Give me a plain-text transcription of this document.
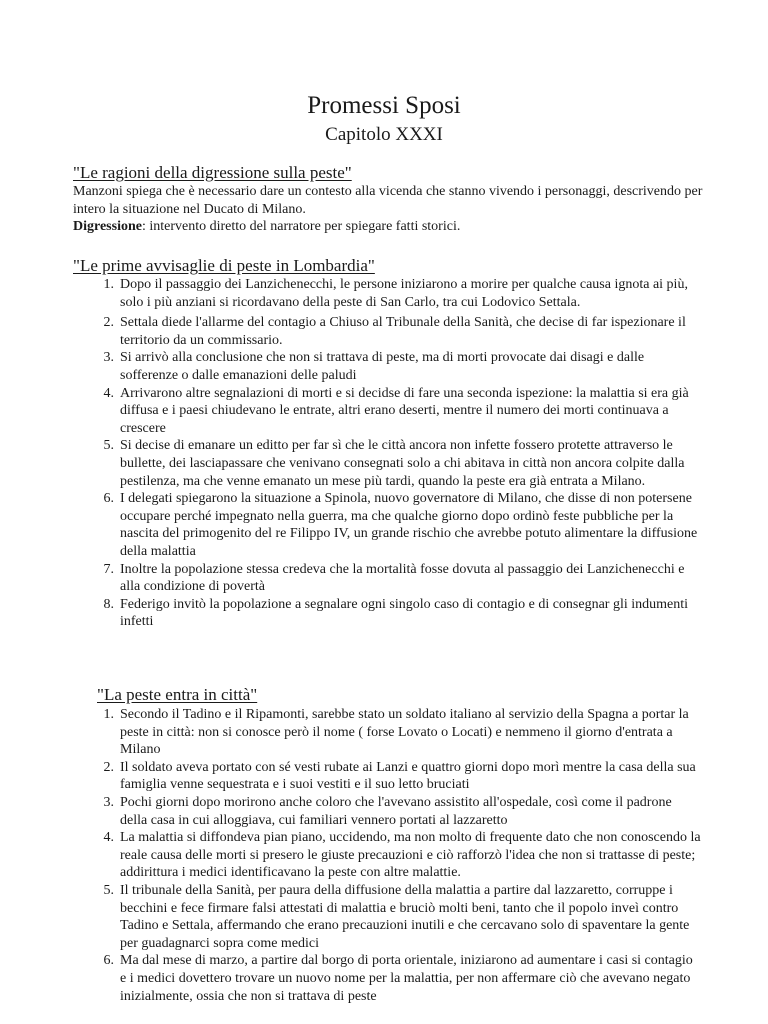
Promessi Sposi
Capitolo XXXI
"Le ragioni della digressione sulla peste"

Manzoni spiega che è necessario dare un contesto alla vicenda che stanno vivendo i personaggi, descrivendo per intero la situazione nel Ducato di Milano.

Digressione: intervento diretto del narratore per spiegare fatti storici.

"Le prime avvisaglie di peste in Lombardia"
1. Dopo il passaggio dei Lanzichenecchi, le persone iniziarono a morire per qualche causa ignota ai più, solo i più anziani si ricordavano della peste di San Carlo, tra cui Lodovico Settala.
2. Settala diede l'allarme del contagio a Chiuso al Tribunale della Sanità, che decise di far ispezionare il territorio da un commissario.
3. Si arrivò alla conclusione che non si trattava di peste, ma di morti provocate dai disagi e dalle sofferenze o dalle emanazioni delle paludi
4. Arrivarono altre segnalazioni di morti e si decidse di fare una seconda ispezione: la malattia si era già diffusa e i paesi chiudevano le entrate, altri erano deserti, mentre il numero dei morti continuava a crescere
5. Si decise di emanare un editto per far sì che le città ancora non infette fossero protette attraverso le bullette, dei lasciapassare che venivano consegnati solo a chi abitava in città non ancora colpite dalla pestilenza, ma che venne emanato un mese più tardi, quando la peste era già entrata a Milano.
6. I delegati spiegarono la situazione a Spinola, nuovo governatore di Milano, che disse di non potersene occupare perché impegnato nella guerra, ma che qualche giorno dopo ordinò feste pubbliche per la nascita del primogenito del re Filippo IV, un grande rischio che avrebbe potuto alimentare la diffusione della malattia
7. Inoltre la popolazione stessa credeva che la mortalità fosse dovuta al passaggio dei Lanzichenecchi e alla condizione di povertà
8. Federigo invitò la popolazione a segnalare ogni singolo caso di contagio e di consegnar gli indumenti infetti
"La peste entra in città"
1. Secondo il Tadino e il Ripamonti, sarebbe stato un soldato italiano al servizio della Spagna a portar la peste in città: non si conosce però il nome ( forse Lovato o Locati) e nemmeno il giorno d'entrata a Milano
2. Il soldato aveva portato con sé vesti rubate ai Lanzi e quattro giorni dopo morì mentre la casa della sua famiglia venne sequestrata e i suoi vestiti e il suo letto bruciati
3. Pochi giorni dopo morirono anche coloro che l'avevano assistito all'ospedale, così come il padrone della casa in cui alloggiava, cui familiari vennero portati al lazzaretto
4. La malattia si diffondeva pian piano, uccidendo, ma non molto di frequente dato che non conoscendo la reale causa delle morti si presero le giuste precauzioni e ciò rafforzò l'idea che non si trattasse di peste; addirittura i medici identificavano la peste con altre malattie.
5. Il tribunale della Sanità, per paura della diffusione della malattia a partire dal lazzaretto, corruppe i becchini e fece firmare falsi attestati di malattia e bruciò molti beni, tanto che il popolo inveì contro Tadino e Settala, affermando che erano precauzioni inutili e che cercavano solo di spaventare la gente per guadagnarci sopra come medici
6. Ma dal mese di marzo, a partire dal borgo di porta orientale, iniziarono ad aumentare i casi si contagio e i medici dovettero trovare un nuovo nome per la malattia, per non affermare ciò che avevano negato inizialmente, ossia che non si trattava di peste
